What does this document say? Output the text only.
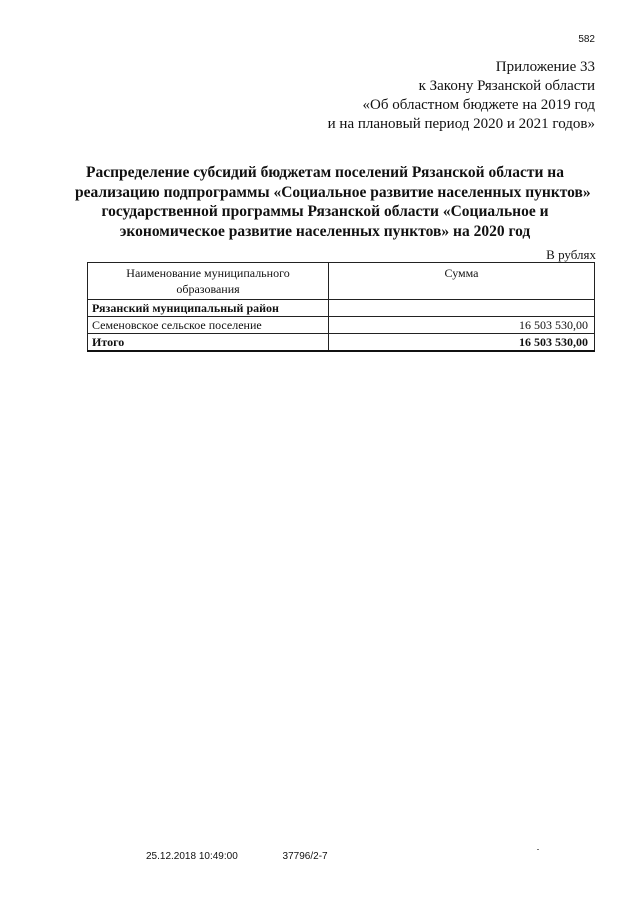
582
Приложение 33
к Закону Рязанской области
«Об областном бюджете на 2019 год
и на плановый период 2020 и 2021 годов»
Распределение субсидий бюджетам поселений Рязанской области на
реализацию подпрограммы «Социальное развитие населенных пунктов»
государственной программы Рязанской области «Социальное и
экономическое развитие населенных пунктов» на 2020 год
В рублях
Наименование муниципального
образования	Сумма
Рязанский муниципальный район	
Семеновское сельское поселение	16 503 530,00
Итого	16 503 530,00
25.12.2018 10:49:00	37796/2-7
